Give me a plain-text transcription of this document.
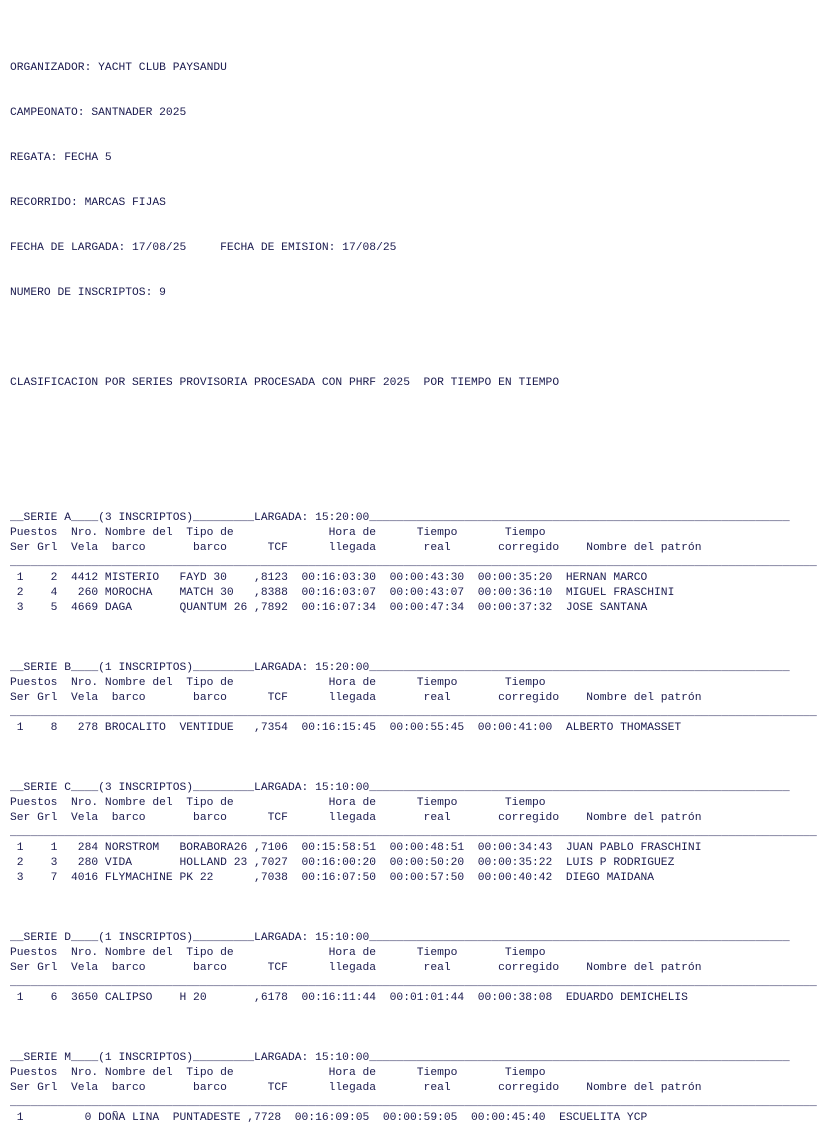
ORGANIZADOR: YACHT CLUB PAYSANDU

CAMPEONATO: SANTNADER 2025

REGATA: FECHA 5

RECORRIDO: MARCAS FIJAS

FECHA DE LARGADA: 17/08/25     FECHA DE EMISION: 17/08/25

NUMERO DE INSCRIPTOS: 9

CLASIFICACION POR SERIES PROVISORIA PROCESADA CON PHRF 2025  POR TIEMPO EN TIEMPO

__SERIE A____(3 INSCRIPTOS)_________LARGADA: 15:20:00______________________________________________________________
Puestos  Nro. Nombre del  Tipo de              Hora de      Tiempo       Tiempo
Ser Grl  Vela  barco       barco      TCF      llegada       real       corregido    Nombre del patrón
_______________________________________________________________________________________________________________________
1    2  4412 MISTERIO   FAYD 30    ,8123  00:16:03:30  00:00:43:30  00:00:35:20  HERNAN MARCO
2    4   260 MOROCHA    MATCH 30   ,8388  00:16:03:07  00:00:43:07  00:00:36:10  MIGUEL FRASCHINI
3    5  4669 DAGA       QUANTUM 26 ,7892  00:16:07:34  00:00:47:34  00:00:37:32  JOSE SANTANA
__SERIE B____(1 INSCRIPTOS)_________LARGADA: 15:20:00______________________________________________________________
Puestos  Nro. Nombre del  Tipo de              Hora de      Tiempo       Tiempo
Ser Grl  Vela  barco       barco      TCF      llegada       real       corregido    Nombre del patrón
_______________________________________________________________________________________________________________________
1    8   278 BROCALITO  VENTIDUE   ,7354  00:16:15:45  00:00:55:45  00:00:41:00  ALBERTO THOMASSET
__SERIE C____(3 INSCRIPTOS)_________LARGADA: 15:10:00______________________________________________________________
Puestos  Nro. Nombre del  Tipo de              Hora de      Tiempo       Tiempo
Ser Grl  Vela  barco       barco      TCF      llegada       real       corregido    Nombre del patrón
_______________________________________________________________________________________________________________________
1    1   284 NORSTROM   BORABORA26 ,7106  00:15:58:51  00:00:48:51  00:00:34:43  JUAN PABLO FRASCHINI
2    3   280 VIDA       HOLLAND 23 ,7027  00:16:00:20  00:00:50:20  00:00:35:22  LUIS P RODRIGUEZ
3    7  4016 FLYMACHINE PK 22      ,7038  00:16:07:50  00:00:57:50  00:00:40:42  DIEGO MAIDANA
__SERIE D____(1 INSCRIPTOS)_________LARGADA: 15:10:00______________________________________________________________
Puestos  Nro. Nombre del  Tipo de              Hora de      Tiempo       Tiempo
Ser Grl  Vela  barco       barco      TCF      llegada       real       corregido    Nombre del patrón
_______________________________________________________________________________________________________________________
1    6  3650 CALIPSO    H 20       ,6178  00:16:11:44  00:01:01:44  00:00:38:08  EDUARDO DEMICHELIS
__SERIE M____(1 INSCRIPTOS)_________LARGADA: 15:10:00______________________________________________________________
Puestos  Nro. Nombre del  Tipo de              Hora de      Tiempo       Tiempo
Ser Grl  Vela  barco       barco      TCF      llegada       real       corregido    Nombre del patrón
_______________________________________________________________________________________________________________________
1         0 DOÑA LINA  PUNTADESTE ,7728  00:16:09:05  00:00:59:05  00:00:45:40  ESCUELITA YCP
